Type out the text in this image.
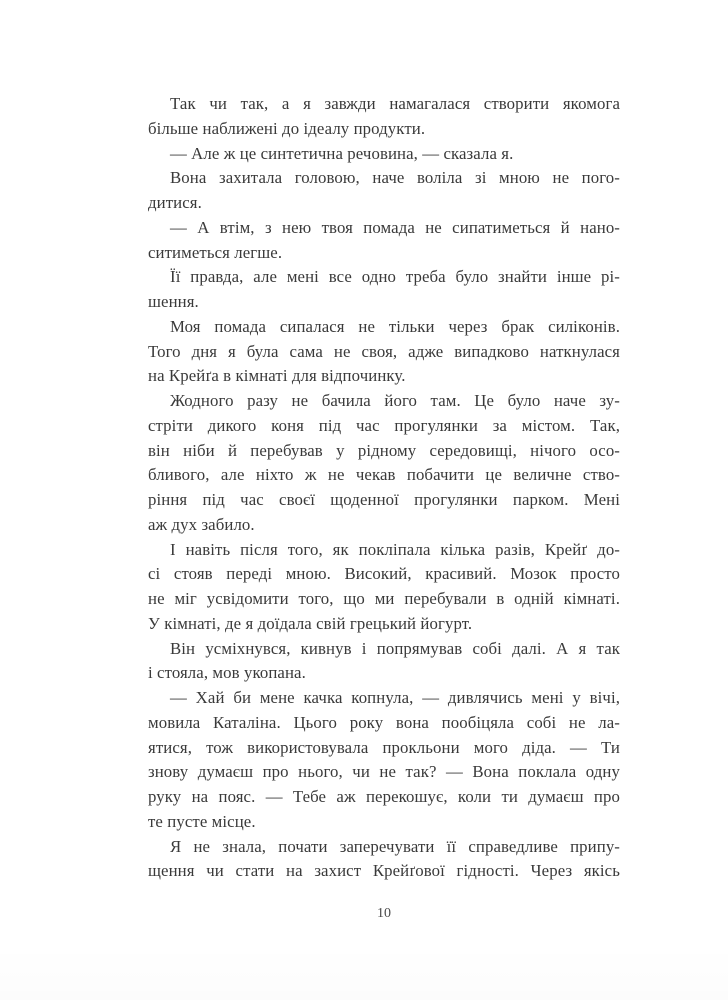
Так чи так, а я завжди намагалася створити якомога
більше наближені до ідеалу продукти.
— Але ж це синтетична речовина, — сказала я.
Вона захитала головою, наче воліла зі мною не пого-
дитися.
— А втім, з нею твоя помада не сипатиметься й нано-
ситиметься легше.
Її правда, але мені все одно треба було знайти інше рі-
шення.
Моя помада сипалася не тільки через брак силіконів.
Того дня я була сама не своя, адже випадково наткнулася
на Крейґа в кімнаті для відпочинку.
Жодного разу не бачила його там. Це було наче зу-
стріти дикого коня під час прогулянки за містом. Так,
він ніби й перебував у рідному середовищі, нічого осо-
бливого, але ніхто ж не чекав побачити це величне ство-
ріння під час своєї щоденної прогулянки парком. Мені
аж дух забило.
І навіть після того, як покліпала кілька разів, Крейґ до-
сі стояв переді мною. Високий, красивий. Мозок просто
не міг усвідомити того, що ми перебували в одній кімнаті.
У кімнаті, де я доїдала свій грецький йогурт.
Він усміхнувся, кивнув і попрямував собі далі. А я так
і стояла, мов укопана.
— Хай би мене качка копнула, — дивлячись мені у вічі,
мовила Каталіна. Цього року вона пообіцяла собі не ла-
ятися, тож використовувала прокльони мого діда. — Ти
знову думаєш про нього, чи не так? — Вона поклала одну
руку на пояс. — Тебе аж перекошує, коли ти думаєш про
те пусте місце.
Я не знала, почати заперечувати її справедливе припу-
щення чи стати на захист Крейґової гідності. Через якісь
10
